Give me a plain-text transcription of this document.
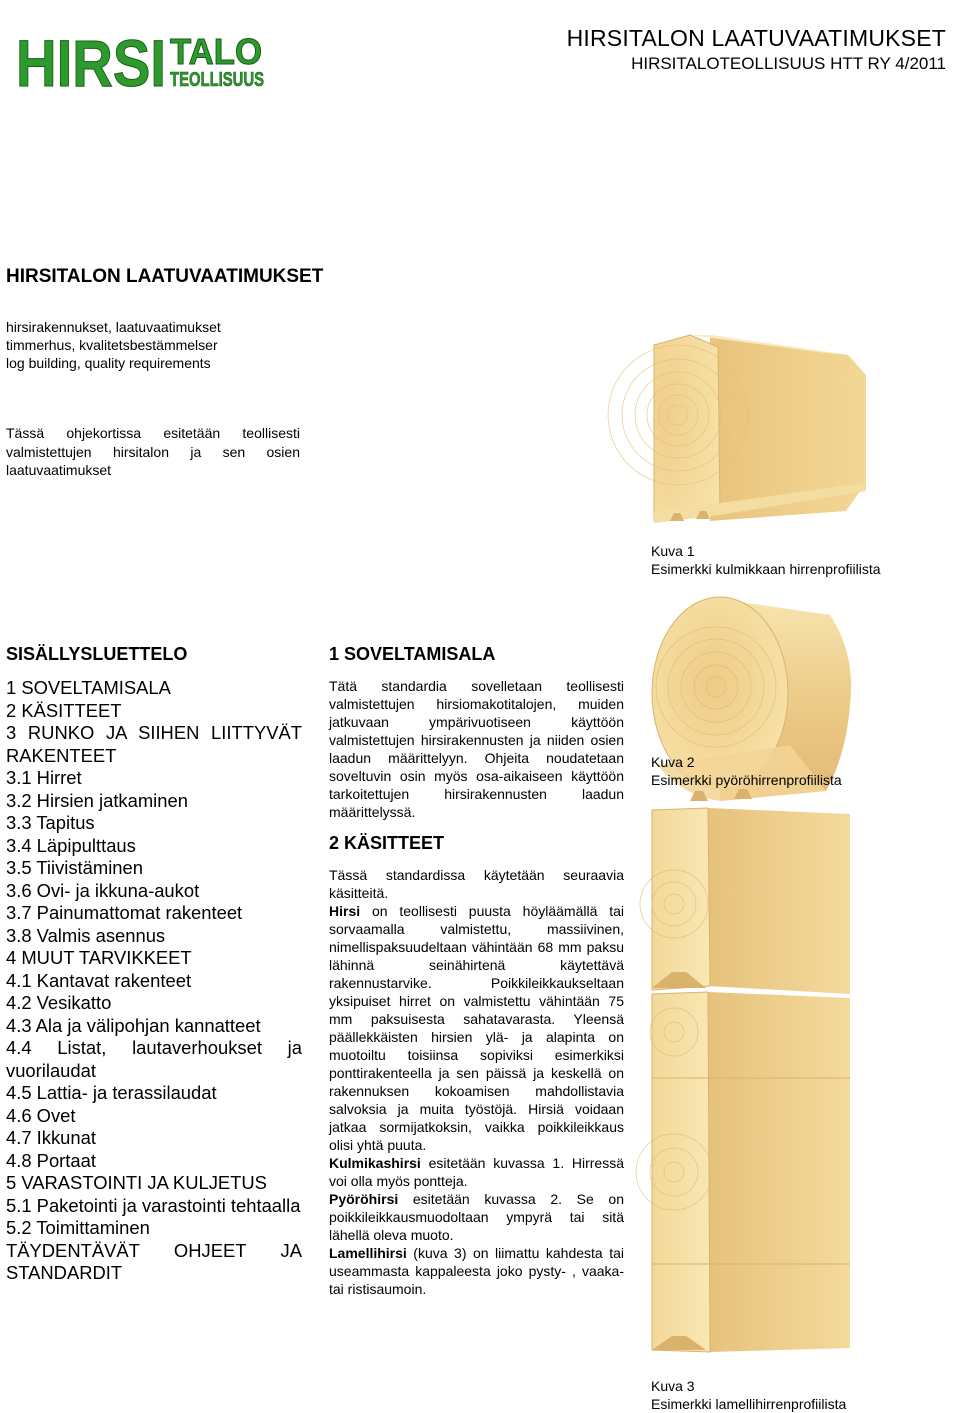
HIRSI TALO
TEOLLISUUS
HIRSITALON LAATUVAATIMUKSET
HIRSITALOTEOLLISUUS HTT RY 4/2011
HIRSITALON LAATUVAATIMUKSET
hirsirakennukset, laatuvaatimukset
timmerhus, kvalitetsbestämmelser
log building, quality requirements
Tässä ohjekortissa esitetään teollisesti valmistettujen hirsitalon ja sen osien laatuvaatimukset
Kuva 1
Esimerkki kulmikkaan hirrenprofiilista
SISÄLLYSLUETTELO
1 SOVELTAMISALA
2 KÄSITTEET
3 RUNKO JA SIIHEN LIITTYVÄT RAKENTEET
3.1 Hirret
3.2 Hirsien jatkaminen
3.3 Tapitus
3.4 Läpipulttaus
3.5 Tiivistäminen
3.6 Ovi- ja ikkuna-aukot
3.7 Painumattomat rakenteet
3.8 Valmis asennus
4 MUUT TARVIKKEET
4.1 Kantavat rakenteet
4.2 Vesikatto
4.3 Ala ja välipohjan kannatteet
4.4 Listat, lautaverhoukset ja vuorilaudat
4.5 Lattia- ja terassilaudat
4.6 Ovet
4.7 Ikkunat
4.8 Portaat
5 VARASTOINTI JA KULJETUS
5.1 Paketointi ja varastointi tehtaalla
5.2 Toimittaminen
TÄYDENTÄVÄT OHJEET JA STANDARDIT
1 SOVELTAMISALA

Tätä standardia sovelletaan teollisesti valmistettujen hirsiomakotitalojen, muiden jatkuvaan ympärivuotiseen käyttöön valmistettujen hirsirakennusten ja niiden osien laadun määrittelyyn. Ohjeita noudatetaan soveltuvin osin myös osa-aikaiseen käyttöön tarkoitettujen hirsirakennusten laadun määrittelyssä.

2 KÄSITTEET

Tässä standardissa käytetään seuraavia käsitteitä.

Hirsi on teollisesti puusta höyläämällä tai sorvaamalla valmistettu, massiivinen, nimellispaksuudeltaan vähintään 68 mm paksu lähinnä seinähirtenä käytettävä rakennustarvike. Poikkileikkaukseltaan yksipuiset hirret on valmistettu vähintään 75 mm paksuisesta sahatavarasta. Yleensä päällekkäisten hirsien ylä- ja alapinta on muotoiltu toisiinsa sopiviksi esimerkiksi ponttirakenteella ja sen päissä ja keskellä on rakennuksen kokoamisen mahdollistavia salvoksia ja muita työstöjä. Hirsiä voidaan jatkaa sormijatkoksin, vaikka poikkileikkaus olisi yhtä puuta.

Kulmikashirsi esitetään kuvassa 1. Hirressä voi olla myös pontteja.

Pyöröhirsi esitetään kuvassa 2. Se on poikkileikkausmuodoltaan ympyrä tai sitä lähellä oleva muoto.

Lamellihirsi (kuva 3) on liimattu kahdesta tai useammasta kappaleesta joko pysty- , vaaka- tai ristisaumoin.

Kuva 2
Esimerkki pyöröhirrenprofiilista
Kuva 3
Esimerkki lamellihirrenprofiilista
